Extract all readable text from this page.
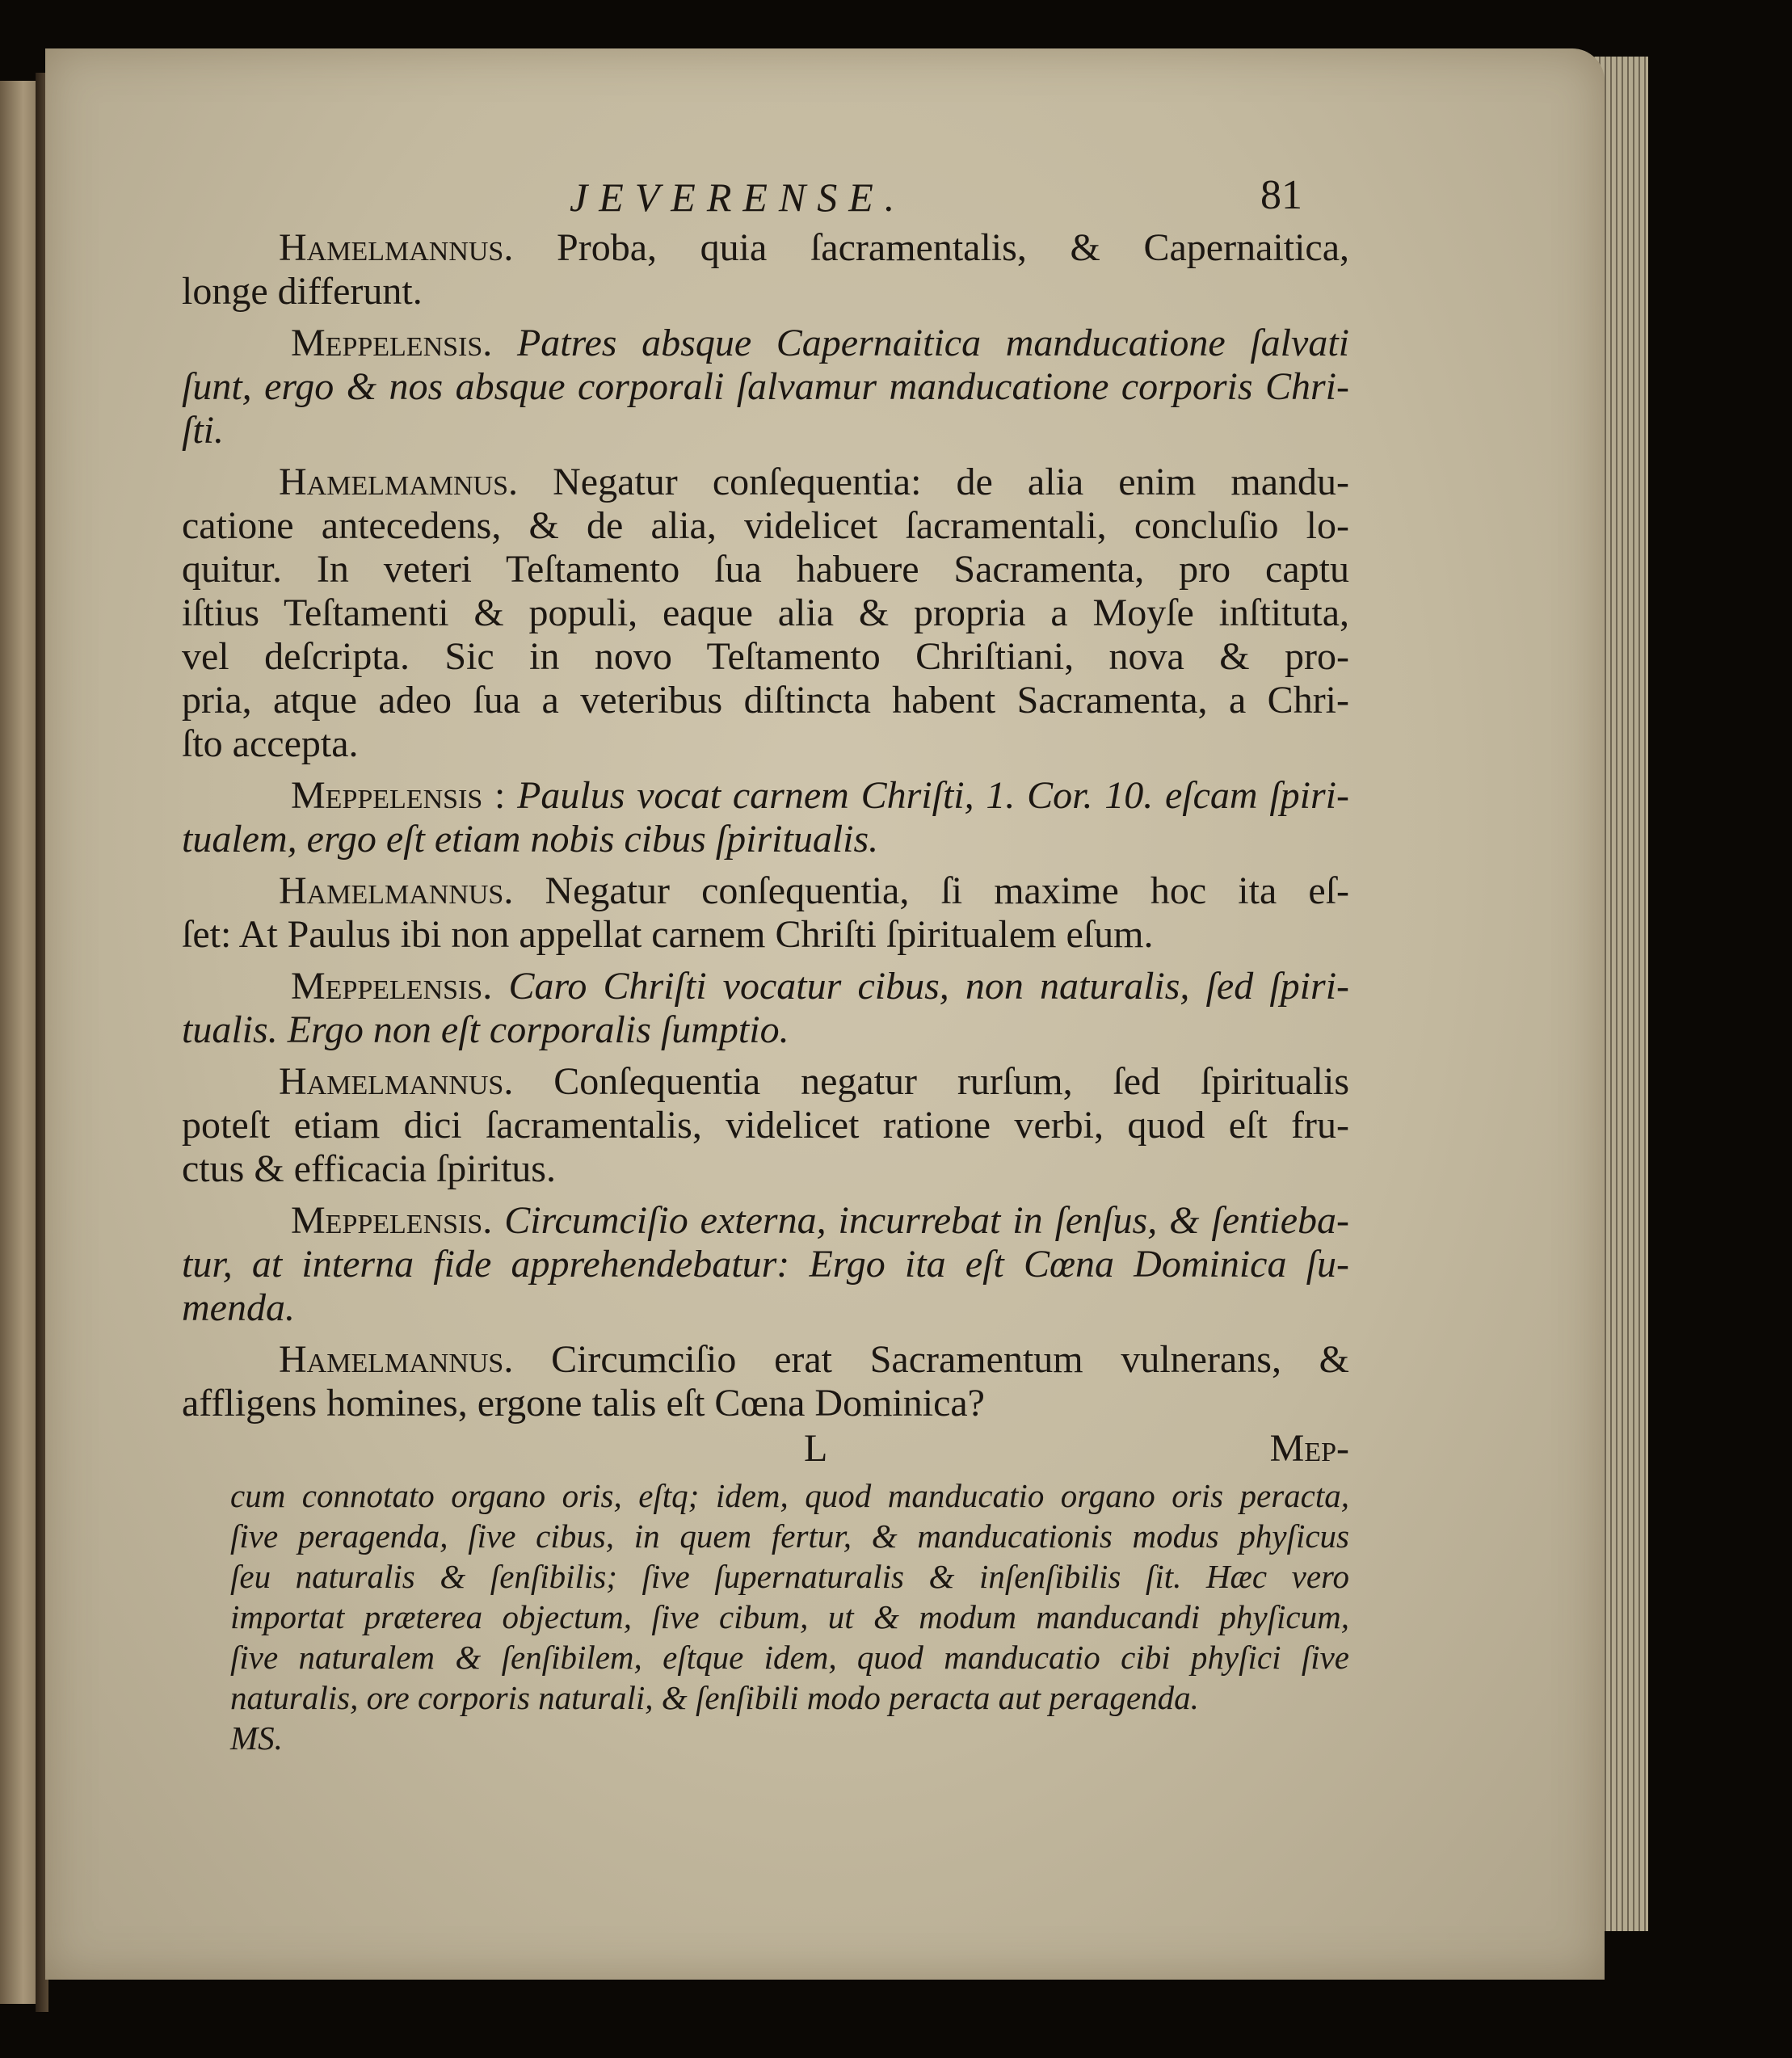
JEVERENSE.	81
Hamelmannus. Proba, quia ſacramentalis, & Capernaitica,
longe differunt.
Meppelensis. Patres absque Capernaitica manducatione ſalvati
ſunt, ergo & nos absque corporali ſalvamur manducatione corporis Chri-
ſti.
Hamelmamnus. Negatur conſequentia: de alia enim mandu-
catione antecedens, & de alia, videlicet ſacramentali, concluſio lo-
quitur. In veteri Teſtamento ſua habuere Sacramenta, pro captu
iſtius Teſtamenti & populi, eaque alia & propria a Moyſe inſtituta,
vel deſcripta. Sic in novo Teſtamento Chriſtiani, nova & pro-
pria, atque adeo ſua a veteribus diſtincta habent Sacramenta, a Chri-
ſto accepta.
Meppelensis : Paulus vocat carnem Chriſti, 1. Cor. 10. eſcam ſpiri-
tualem, ergo eſt etiam nobis cibus ſpiritualis.
Hamelmannus. Negatur conſequentia, ſi maxime hoc ita eſ-
ſet: At Paulus ibi non appellat carnem Chriſti ſpiritualem eſum.
Meppelensis. Caro Chriſti vocatur cibus, non naturalis, ſed ſpiri-
tualis. Ergo non eſt corporalis ſumptio.
Hamelmannus. Conſequentia negatur rurſum, ſed ſpiritualis
poteſt etiam dici ſacramentalis, videlicet ratione verbi, quod eſt fru-
ctus & efficacia ſpiritus.
Meppelensis. Circumciſio externa, incurrebat in ſenſus, & ſentieba-
tur, at interna fide apprehendebatur: Ergo ita eſt Cœna Dominica ſu-
menda.
Hamelmannus. Circumciſio erat Sacramentum vulnerans, &
affligens homines, ergone talis eſt Cœna Dominica?
L	Mep-
cum connotato organo oris, eſtq; idem, quod manducatio organo oris peracta,
ſive peragenda, ſive cibus, in quem fertur, & manducationis modus phyſicus
ſeu naturalis & ſenſibilis; ſive ſupernaturalis & inſenſibilis ſit. Hæc vero
importat præterea objectum, ſive cibum, ut & modum manducandi phyſicum,
ſive naturalem & ſenſibilem, eſtque idem, quod manducatio cibi phyſici ſive
naturalis, ore corporis naturali, & ſenſibili modo peracta aut peragenda.
MS.
